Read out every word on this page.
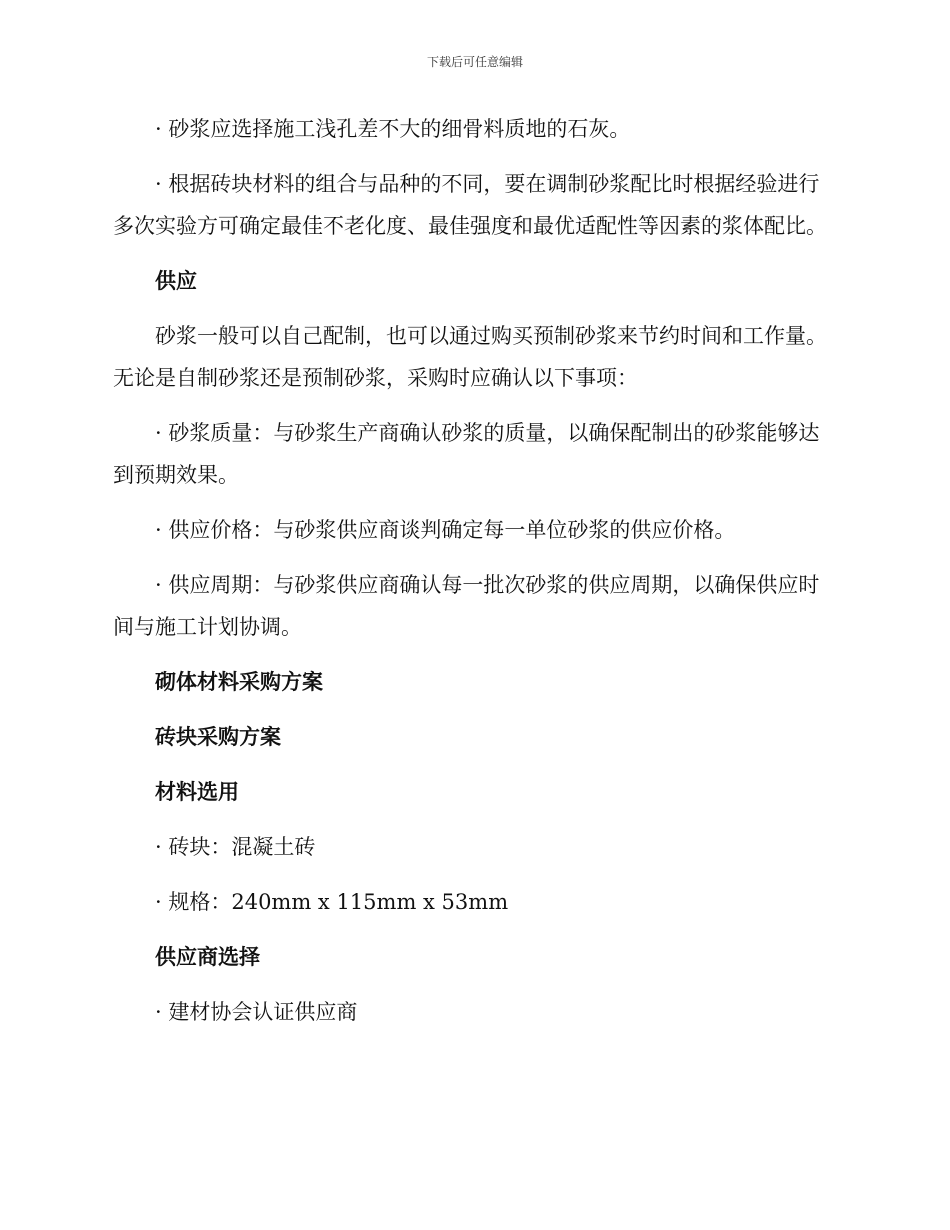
下载后可任意编辑

· 砂浆应选择施工浅孔差不大的细骨料质地的石灰。

· 根据砖块材料的组合与品种的不同，要在调制砂浆配比时根据经验进行多次实验方可确定最佳不老化度、最佳强度和最优适配性等因素的浆体配比。

供应

砂浆一般可以自己配制，也可以通过购买预制砂浆来节约时间和工作量。无论是自制砂浆还是预制砂浆，采购时应确认以下事项：

· 砂浆质量：与砂浆生产商确认砂浆的质量，以确保配制出的砂浆能够达到预期效果。

· 供应价格：与砂浆供应商谈判确定每一单位砂浆的供应价格。

· 供应周期：与砂浆供应商确认每一批次砂浆的供应周期，以确保供应时间与施工计划协调。

砌体材料采购方案

砖块采购方案

材料选用

· 砖块：混凝土砖

· 规格：240mm x 115mm x 53mm

供应商选择

· 建材协会认证供应商
